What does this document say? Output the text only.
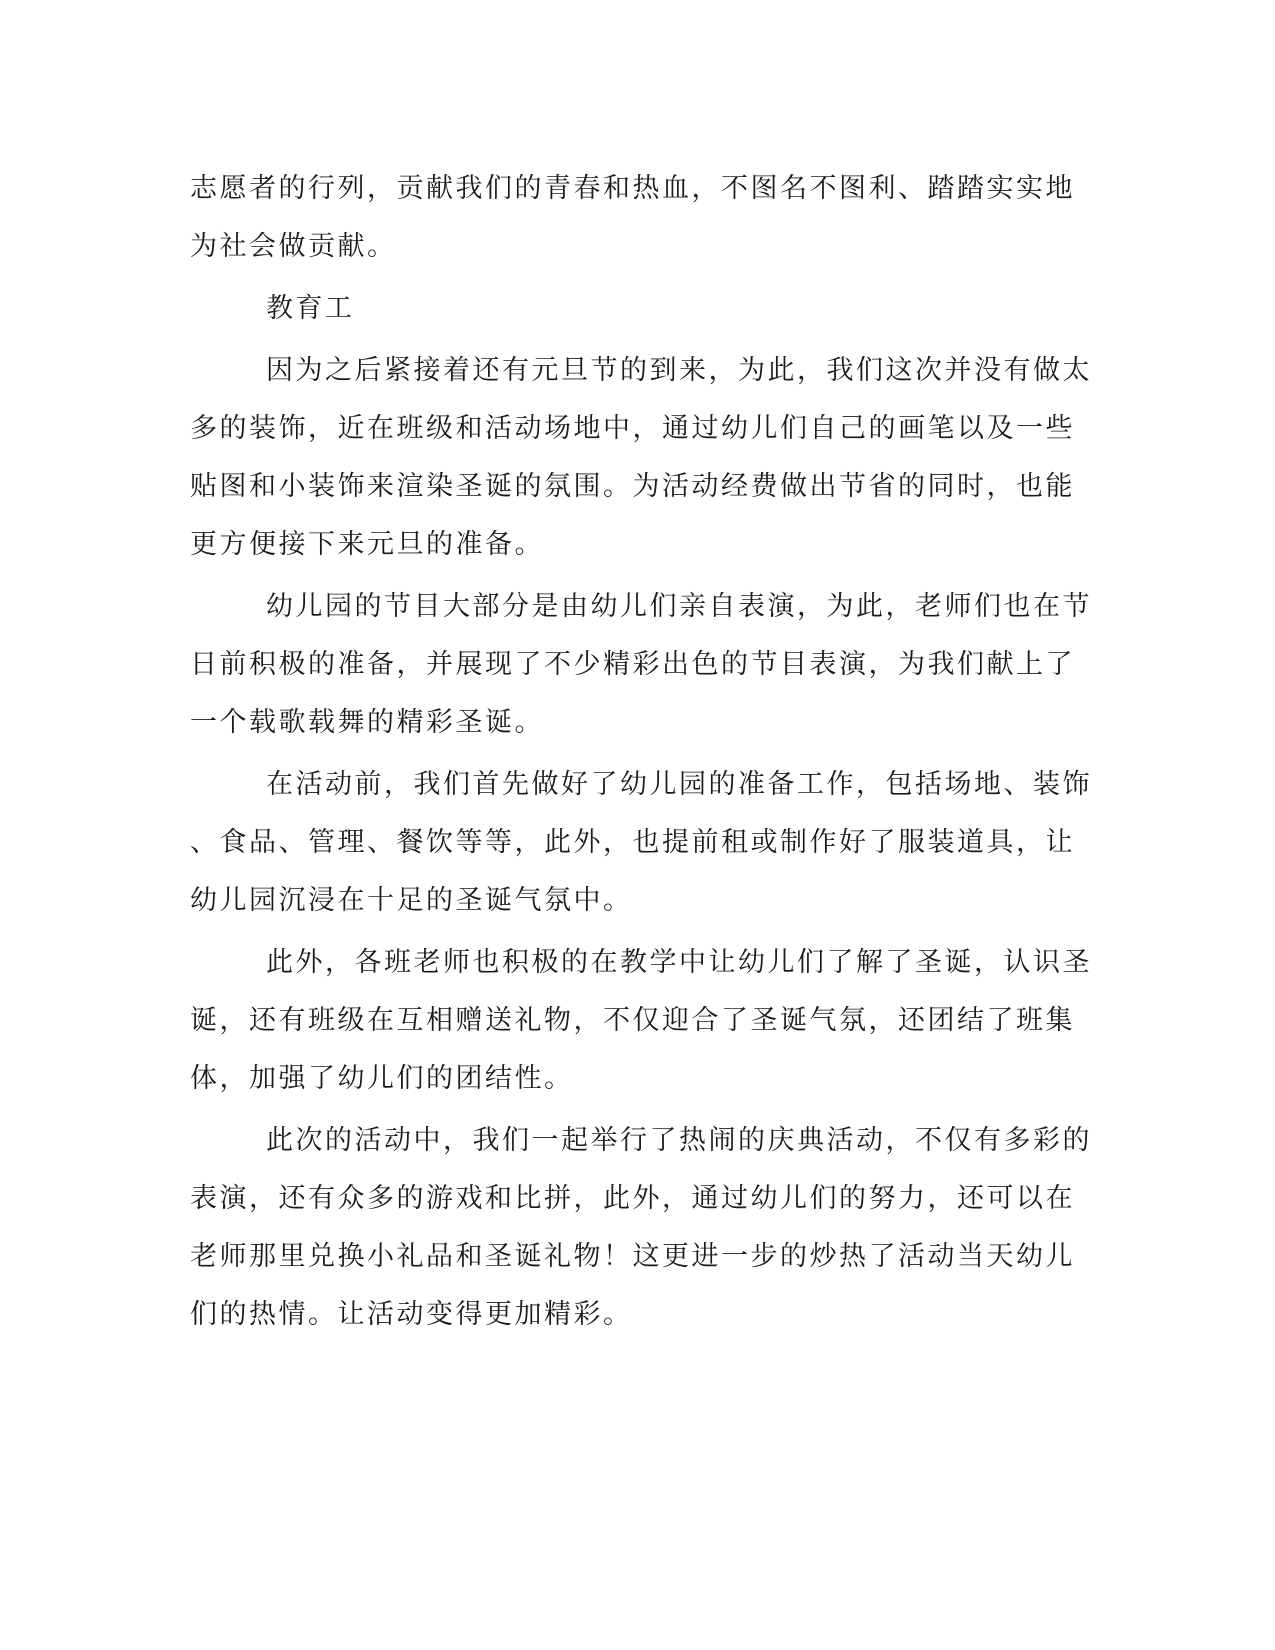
志愿者的行列，贡献我们的青春和热血，不图名不图利、踏踏实实地
为社会做贡献。
教育工
因为之后紧接着还有元旦节的到来，为此，我们这次并没有做太
多的装饰，近在班级和活动场地中，通过幼儿们自己的画笔以及一些
贴图和小装饰来渲染圣诞的氛围。为活动经费做出节省的同时，也能
更方便接下来元旦的准备。
幼儿园的节目大部分是由幼儿们亲自表演，为此，老师们也在节
日前积极的准备，并展现了不少精彩出色的节目表演，为我们献上了
一个载歌载舞的精彩圣诞。
在活动前，我们首先做好了幼儿园的准备工作，包括场地、装饰
、食品、管理、餐饮等等，此外，也提前租或制作好了服装道具，让
幼儿园沉浸在十足的圣诞气氛中。
此外，各班老师也积极的在教学中让幼儿们了解了圣诞，认识圣
诞，还有班级在互相赠送礼物，不仅迎合了圣诞气氛，还团结了班集
体，加强了幼儿们的团结性。
此次的活动中，我们一起举行了热闹的庆典活动，不仅有多彩的
表演，还有众多的游戏和比拼，此外，通过幼儿们的努力，还可以在
老师那里兑换小礼品和圣诞礼物！这更进一步的炒热了活动当天幼儿
们的热情。让活动变得更加精彩。
